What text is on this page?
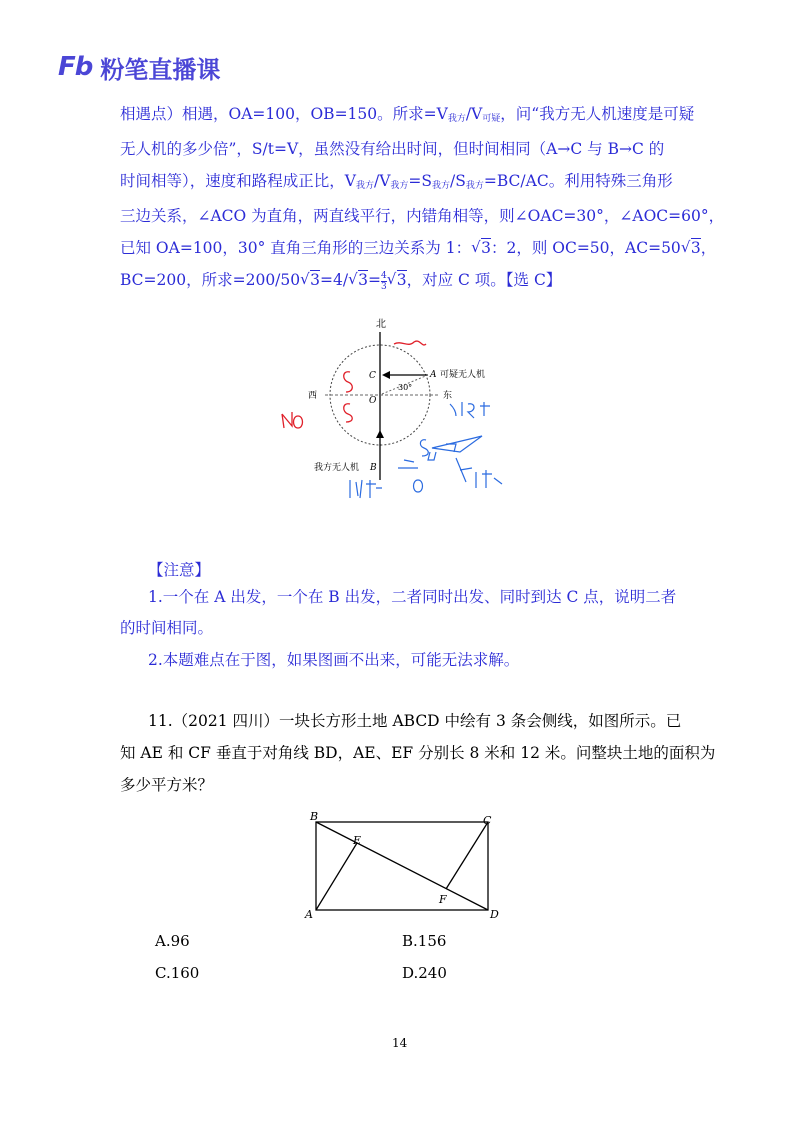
Fb 粉笔直播课
相遇点）相遇，OA=100，OB=150。所求=V我方/V可疑，问“我方无人机速度是可疑
无人机的多少倍”，S/t=V，虽然没有给出时间，但时间相同（A→C 与 B→C 的
时间相等），速度和路程成正比，V我方/V我方=S我方/S我方=BC/AC。利用特殊三角形
三边关系，∠ACO 为直角，两直线平行，内错角相等，则∠OAC=30°，∠AOC=60°，
已知 OA=100，30° 直角三角形的三边关系为 1： √ 3：2，则 OC=50，AC=50 √ 3，
BC=200，所求=200/50 √ 3=4/ √ $3= \frac{4}{3}$ √ 3，对应 C 项。【选 C】
北
西	东
C
O
A 可疑无人机
30°
我方无人机 B
【注意】
1.一个在 A 出发，一个在 B 出发，二者同时出发、同时到达 C 点，说明二者
的时间相同。
2.本题难点在于图，如果图画不出来，可能无法求解。
11.（2021 四川）一块长方形土地 ABCD 中绘有 3 条会侧线，如图所示。已
知 AE 和 CF 垂直于对角线 BD，AE、EF 分别长 8 米和 12 米。问整块土地的面积为
多少平方米？
B	C
E
F
A	D
A.96	B.156
C.160	D.240
14
